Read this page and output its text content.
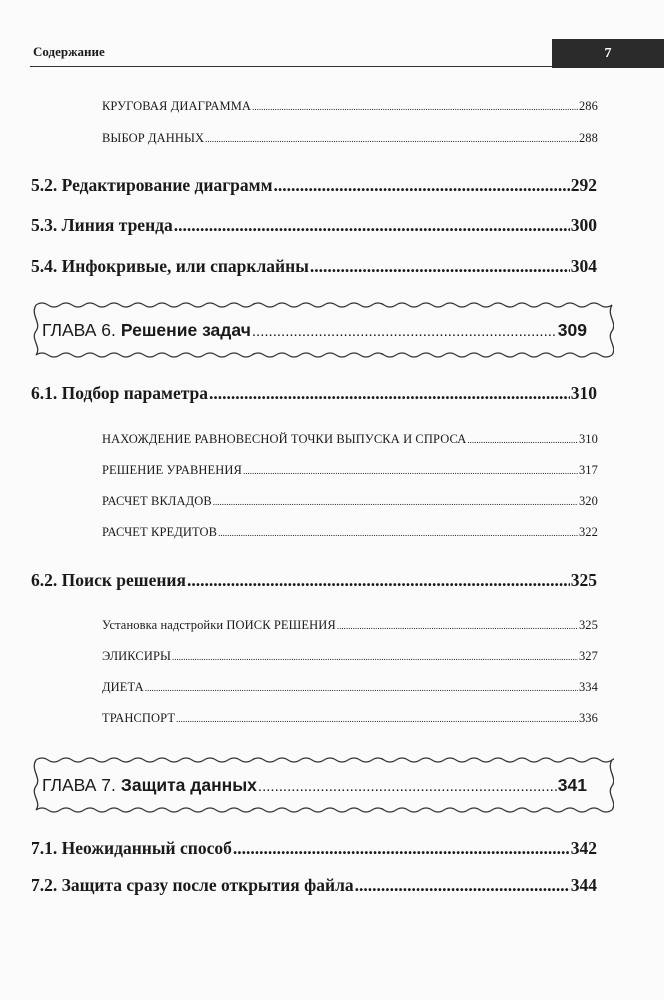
Содержание	7
КРУГОВАЯ ДИАГРАММА .....	286
ВЫБОР ДАННЫХ .....	288
5.2. Редактирование диаграмм .....	292
5.3. Линия тренда .....	300
5.4. Инфокривые, или спарклайны .....	304
ГЛАВА 6. Решение задач .....	309
6.1. Подбор параметра .....	310
НАХОЖДЕНИЕ РАВНОВЕСНОЙ ТОЧКИ ВЫПУСКА И СПРОСА .....	310
РЕШЕНИЕ УРАВНЕНИЯ .....	317
РАСЧЕТ ВКЛАДОВ .....	320
РАСЧЕТ КРЕДИТОВ .....	322
6.2. Поиск решения .....	325
Установка надстройки ПОИСК РЕШЕНИЯ .....	325
ЭЛИКСИРЫ .....	327
ДИЕТА .....	334
ТРАНСПОРТ .....	336
ГЛАВА 7. Защита данных .....	341
7.1. Неожиданный способ .....	342
7.2. Защита сразу после открытия файла .....	344
